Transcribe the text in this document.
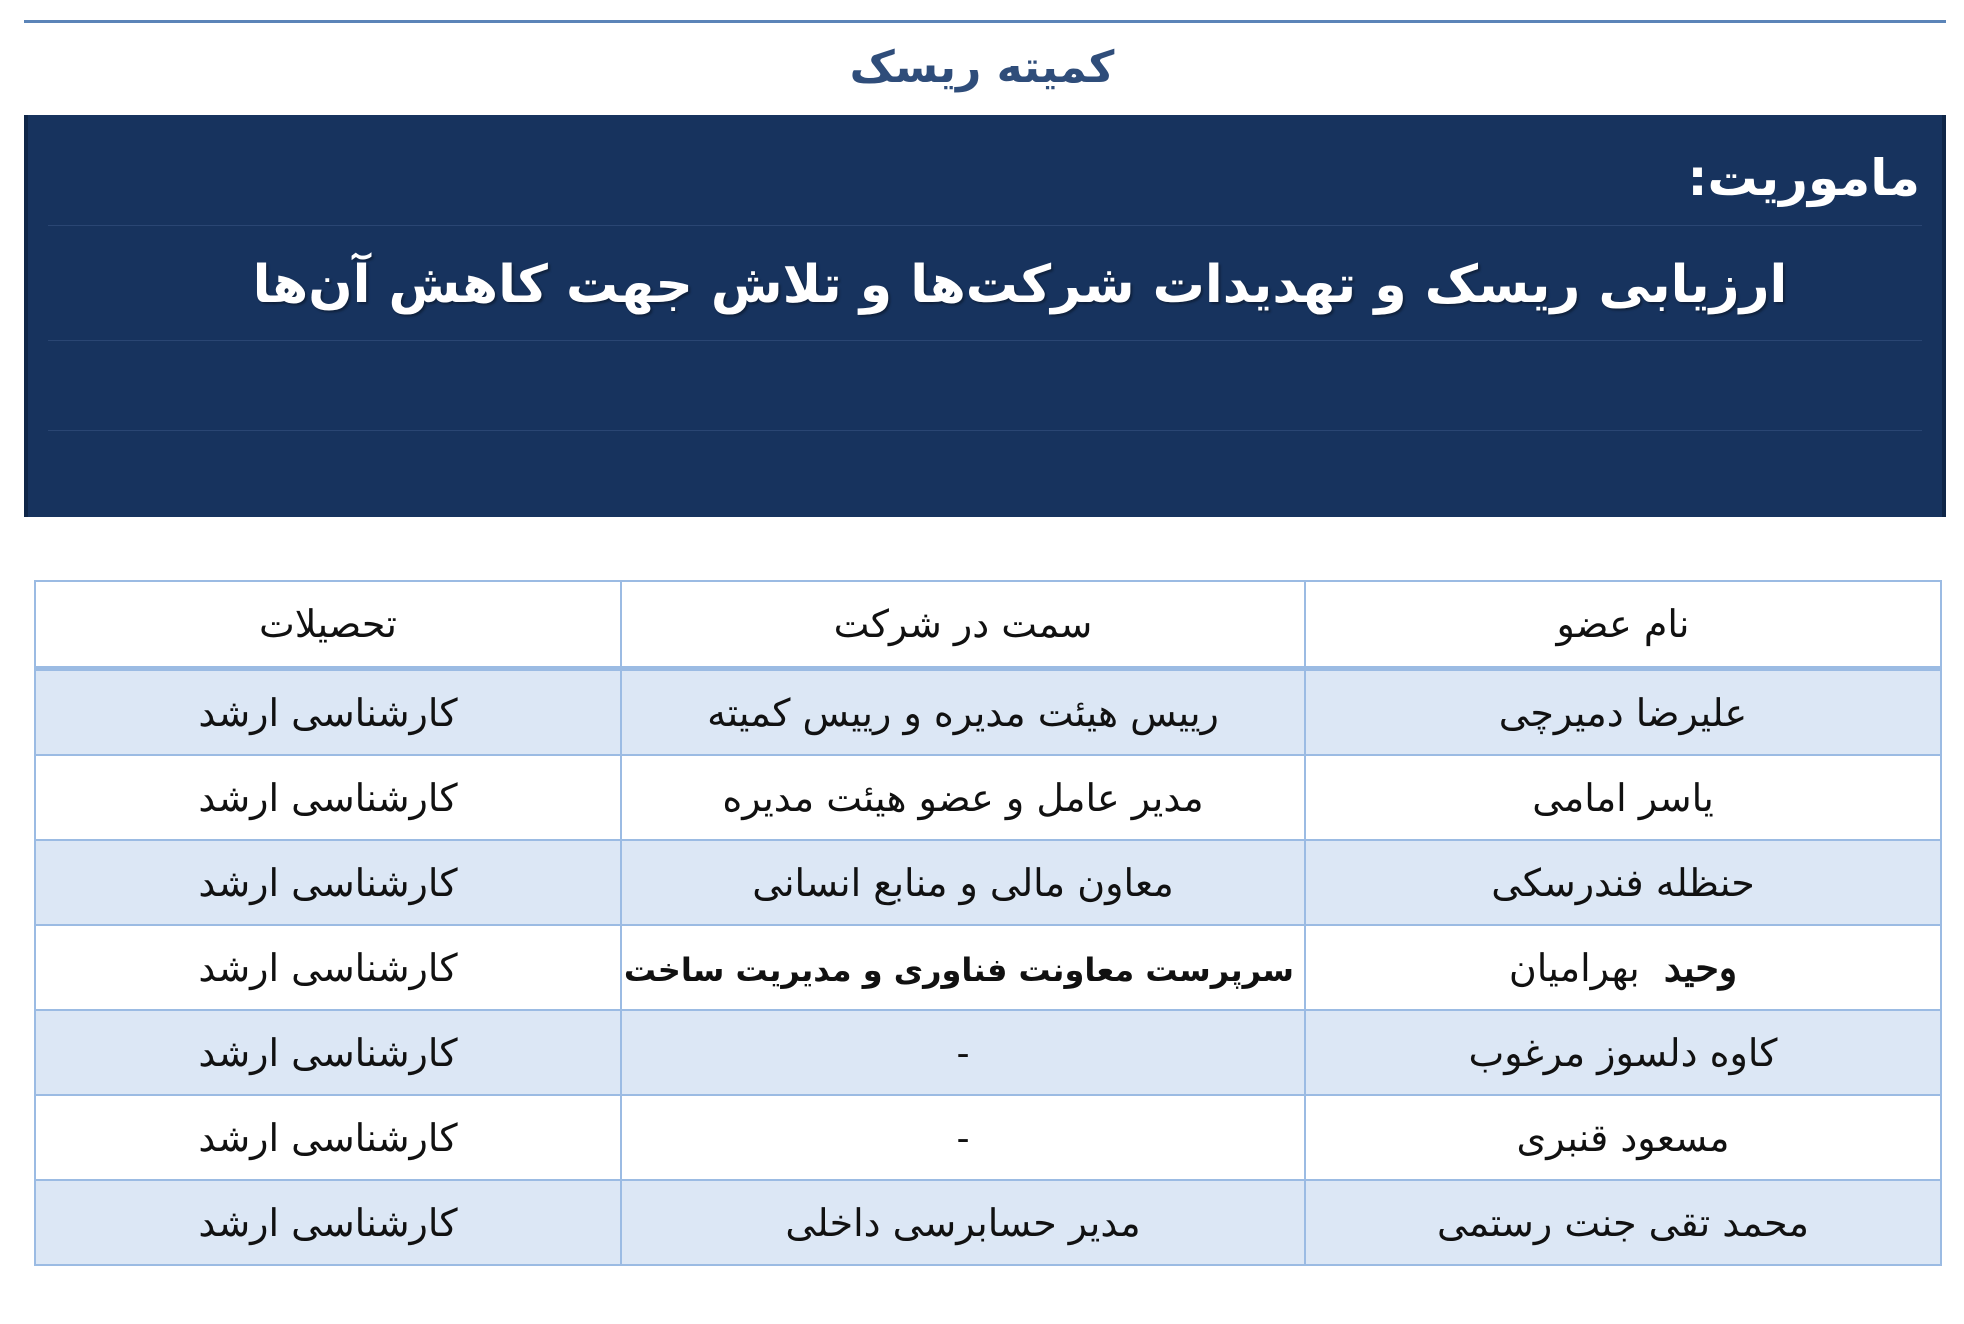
کمیته ریسک
ماموریت:
ارزیابی ریسک و تهدیدات شرکت‌ها و تلاش جهت کاهش آن‌ها
نام عضو	سمت در شرکت	تحصیلات
علیرضا دمیرچی	رییس هیئت مدیره و رییس کمیته	کارشناسی ارشد
یاسر امامی	مدیر عامل و عضو هیئت مدیره	کارشناسی ارشد
حنظله فندرسکی	معاون مالی و منابع انسانی	کارشناسی ارشد
وحید  بهرامیان	سرپرست معاونت فناوری و مدیریت ساخت	کارشناسی ارشد
کاوه دلسوز مرغوب	-	کارشناسی ارشد
مسعود قنبری	-	کارشناسی ارشد
محمد تقی جنت رستمی	مدیر حسابرسی داخلی	کارشناسی ارشد
